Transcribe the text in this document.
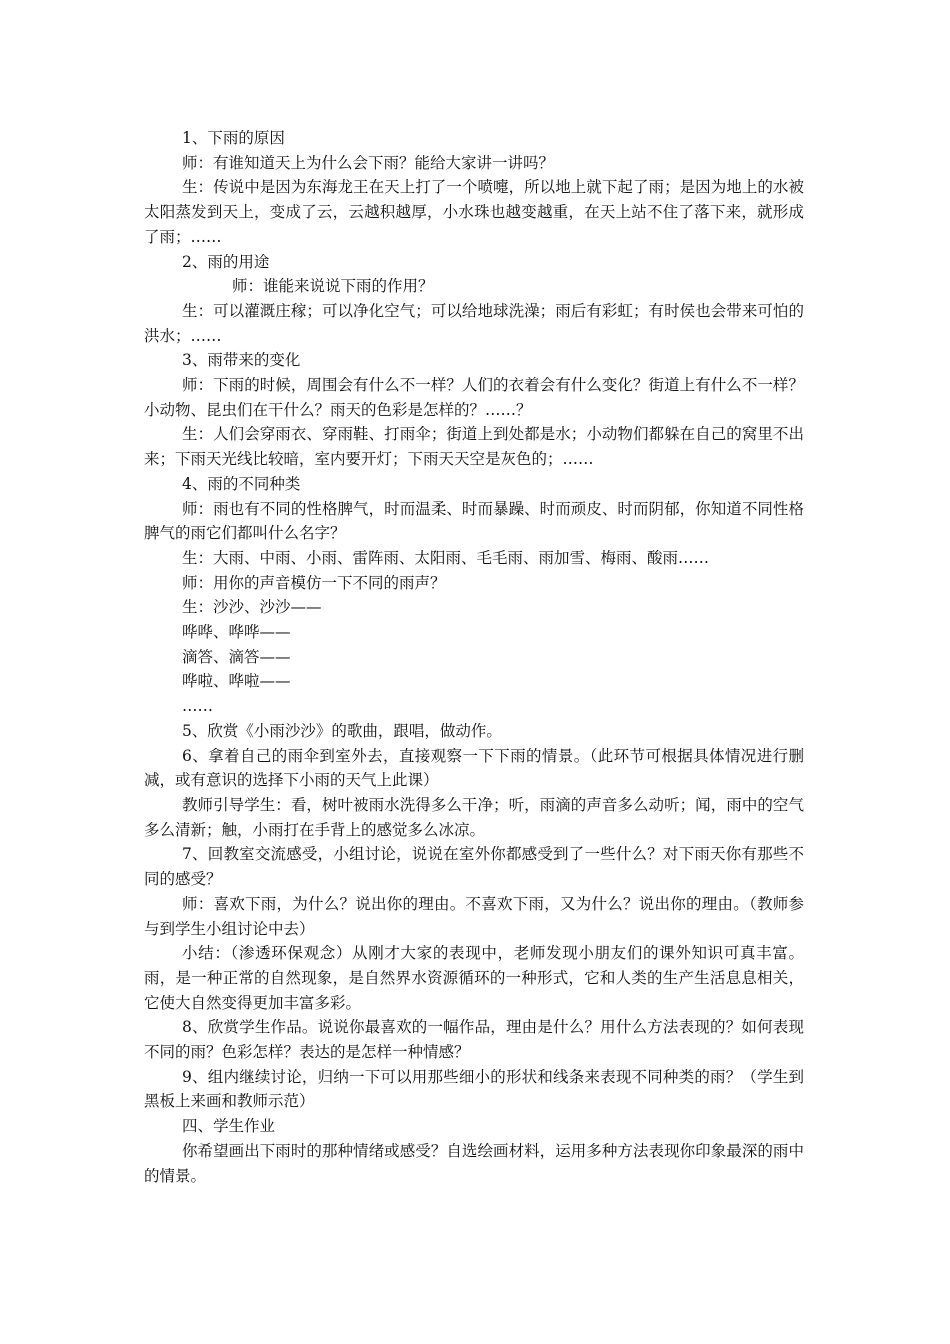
1、下雨的原因

师：有谁知道天上为什么会下雨？能给大家讲一讲吗？

生：传说中是因为东海龙王在天上打了一个喷嚏，所以地上就下起了雨；是因为地上的水被太阳蒸发到天上，变成了云，云越积越厚，小水珠也越变越重，在天上站不住了落下来，就形成了雨；……

2、雨的用途

师：谁能来说说下雨的作用？

生：可以灌溉庄稼；可以净化空气；可以给地球洗澡；雨后有彩虹；有时侯也会带来可怕的洪水；……

3、雨带来的变化

师：下雨的时候，周围会有什么不一样？人们的衣着会有什么变化？街道上有什么不一样？小动物、昆虫们在干什么？雨天的色彩是怎样的？……？

生：人们会穿雨衣、穿雨鞋、打雨伞；街道上到处都是水；小动物们都躲在自己的窝里不出来；下雨天光线比较暗，室内要开灯；下雨天天空是灰色的；……

4、雨的不同种类

师：雨也有不同的性格脾气，时而温柔、时而暴躁、时而顽皮、时而阴郁，你知道不同性格脾气的雨它们都叫什么名字？

生：大雨、中雨、小雨、雷阵雨、太阳雨、毛毛雨、雨加雪、梅雨、酸雨……

师：用你的声音模仿一下不同的雨声？

生：沙沙、沙沙——

哗哗、哗哗——

滴答、滴答——

哗啦、哗啦——

……

5、欣赏《小雨沙沙》的歌曲，跟唱，做动作。

6、拿着自己的雨伞到室外去，直接观察一下下雨的情景。（此环节可根据具体情况进行删减，或有意识的选择下小雨的天气上此课）

教师引导学生：看，树叶被雨水洗得多么干净；听，雨滴的声音多么动听；闻，雨中的空气多么清新；触，小雨打在手背上的感觉多么冰凉。

7、回教室交流感受，小组讨论，说说在室外你都感受到了一些什么？对下雨天你有那些不同的感受？

师：喜欢下雨，为什么？说出你的理由。不喜欢下雨，又为什么？说出你的理由。（教师参与到学生小组讨论中去）

小结：（渗透环保观念）从刚才大家的表现中，老师发现小朋友们的课外知识可真丰富。雨，是一种正常的自然现象，是自然界水资源循环的一种形式，它和人类的生产生活息息相关，它使大自然变得更加丰富多彩。

8、欣赏学生作品。说说你最喜欢的一幅作品，理由是什么？用什么方法表现的？如何表现不同的雨？色彩怎样？表达的是怎样一种情感？

9、组内继续讨论，归纳一下可以用那些细小的形状和线条来表现不同种类的雨？（学生到黑板上来画和教师示范）

四、学生作业

你希望画出下雨时的那种情绪或感受？自选绘画材料，运用多种方法表现你印象最深的雨中的情景。
